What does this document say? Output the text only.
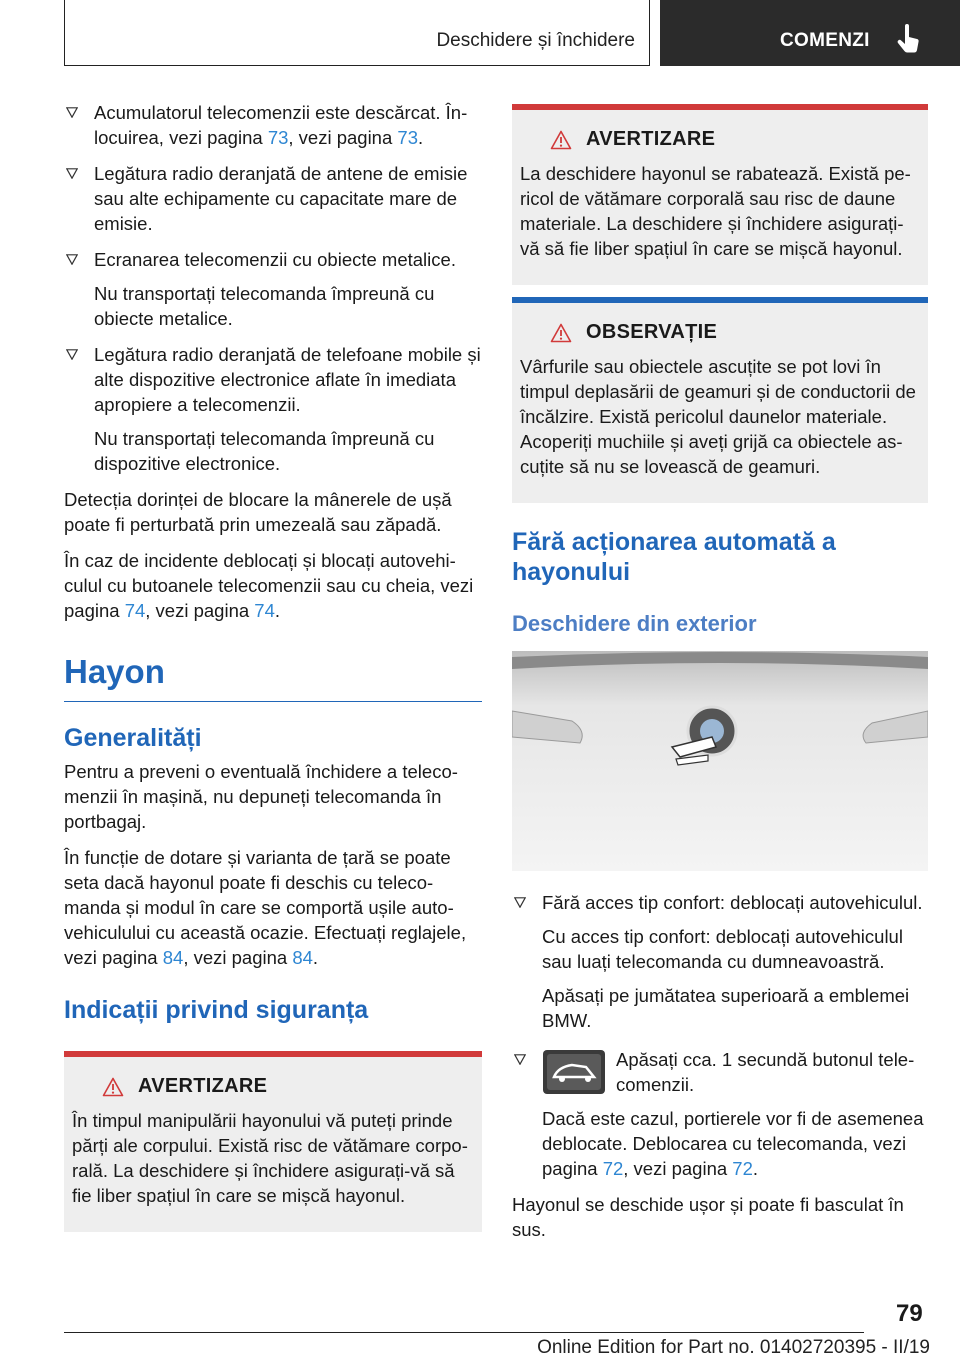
Deschidere și închidere	COMENZI

Acumulatorul telecomenzii este descărcat. Înlocuirea, vezi pagina 73, vezi pagina 73.

Legătura radio deranjată de antene de emisie sau alte echipamente cu capacitate mare de emisie.

Ecranarea telecomenzii cu obiecte metalice.

Nu transportați telecomanda împreună cu obiecte metalice.

Legătura radio deranjată de telefoane mobile și alte dispozitive electronice aflate în imediata apropiere a telecomenzii.

Nu transportați telecomanda împreună cu dispozitive electronice.

Detecția dorinței de blocare la mânerele de ușă poate fi perturbată prin umezeală sau zăpadă.

În caz de incidente deblocați și blocați autovehiculul cu butoanele telecomenzii sau cu cheia, vezi pagina 74, vezi pagina 74.

Hayon
Generalități

Pentru a preveni o eventuală închidere a telecomenzii în mașină, nu depuneți telecomanda în portbagaj.

În funcție de dotare și varianta de țară se poate seta dacă hayonul poate fi deschis cu telecomanda și modul în care se comportă ușile autovehiculului cu această ocazie. Efectuați reglajele, vezi pagina 84, vezi pagina 84.

Indicații privind siguranța
AVERTIZARE

În timpul manipulării hayonului vă puteți prinde părți ale corpului. Există risc de vătămare corporală. La deschidere și închidere asigurați-vă să fie liber spațiul în care se mișcă hayonul.

AVERTIZARE

La deschidere hayonul se rabatează. Există pericol de vătămare corporală sau risc de daune materiale. La deschidere și închidere asigurați-vă să fie liber spațiul în care se mișcă hayonul.

OBSERVAȚIE

Vârfurile sau obiectele ascuțite se pot lovi în timpul deplasării de geamuri și de conductorii de încălzire. Există pericolul daunelor materiale. Acoperiți muchiile și aveți grijă ca obiectele ascuțite să nu se lovească de geamuri.

Fără acționarea automată a hayonului
Deschidere din exterior

Fără acces tip confort: deblocați autovehiculul.

Cu acces tip confort: deblocați autovehiculul sau luați telecomanda cu dumneavoastră.

Apăsați pe jumătatea superioară a emblemei BMW.

Apăsați cca. 1 secundă butonul telecomenzii.

Dacă este cazul, portierele vor fi de asemenea deblocate. Deblocarea cu telecomanda, vezi pagina 72, vezi pagina 72.

Hayonul se deschide ușor și poate fi basculat în sus.

79
Online Edition for Part no. 01402720395 - II/19
